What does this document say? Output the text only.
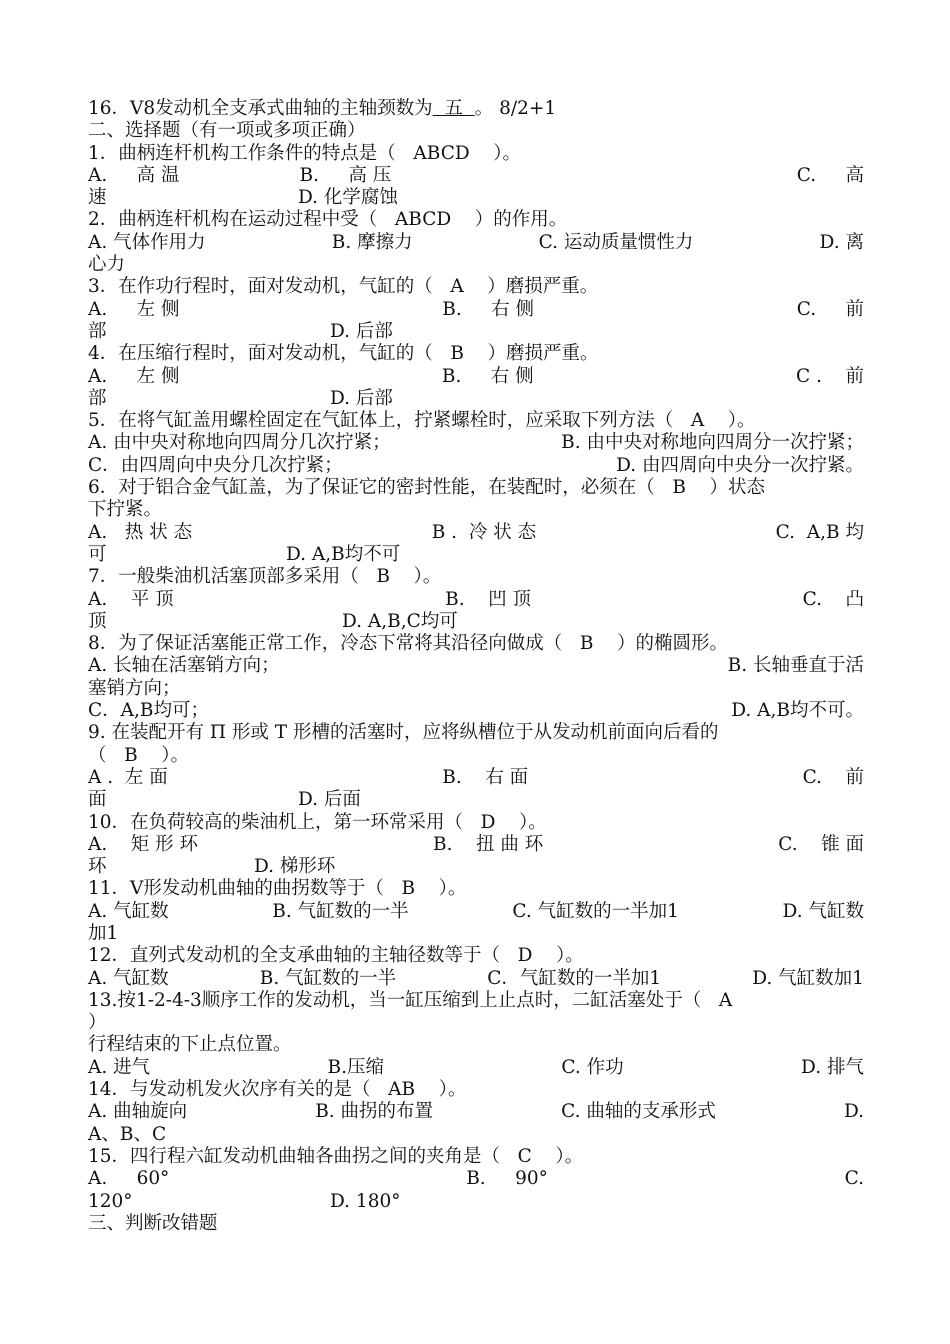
16．V8发动机全支承式曲轴的主轴颈数为  五  。 8/2+1
二、选择题（有一项或多项正确）
1．曲柄连杆机构工作条件的特点是（   ABCD    ）。
A.     高 温	B.     高 压	C.     高
速	D. 化学腐蚀
2．曲柄连杆机构在运动过程中受（   ABCD    ）的作用。
A. 气体作用力	B. 摩擦力	C. 运动质量惯性力	D. 离
心力
3．在作功行程时，面对发动机，气缸的（   A    ）磨损严重。
A.     左 侧	B.     右 侧	C.     前
部	D. 后部
4．在压缩行程时，面对发动机，气缸的（   B    ）磨损严重。
A.     左 侧	B.     右 侧	C .    前
部	D. 后部
5．在将气缸盖用螺栓固定在气缸体上，拧紧螺栓时，应采取下列方法（   A    ）。
A. 由中央对称地向四周分几次拧紧；	B. 由中央对称地向四周分一次拧紧；
C．由四周向中央分几次拧紧；	D. 由四周向中央分一次拧紧。
6．对于铝合金气缸盖，为了保证它的密封性能，在装配时，必须在（   B    ）状态
下拧紧。
A.   热 状 态	B .  冷 状 态	C.  A,B 均
可	D. A,B均不可
7．一般柴油机活塞顶部多采用（   B    ）。
A.    平 顶	B.    凹 顶	C.    凸
顶	D. A,B,C均可
8．为了保证活塞能正常工作，冷态下常将其沿径向做成（   B    ）的椭圆形。
A. 长轴在活塞销方向；	B. 长轴垂直于活
塞销方向；
C．A,B均可；	D. A,B均不可。
9. 在装配开有 Π 形或 T 形槽的活塞时，应将纵槽位于从发动机前面向后看的
（   B    ）。
A .  左 面	B.    右 面	C.    前
面	D. 后面
10．在负荷较高的柴油机上，第一环常采用（   D    ）。
A.    矩 形 环	B.    扭 曲 环	C.    锥 面
环	D. 梯形环
11．V形发动机曲轴的曲拐数等于（   B    ）。
A. 气缸数	B. 气缸数的一半	C. 气缸数的一半加1	D. 气缸数
加1
12．直列式发动机的全支承曲轴的主轴径数等于（   D    ）。
A. 气缸数	B. 气缸数的一半	C．气缸数的一半加1	D. 气缸数加1
13.按1-2-4-3顺序工作的发动机，当一缸压缩到上止点时，二缸活塞处于（   A
）
行程结束的下止点位置。
A. 进气	B.压缩	C. 作功	D. 排气
14．与发动机发火次序有关的是（   AB    ）。
A. 曲轴旋向	B. 曲拐的布置	C. 曲轴的支承形式	D.
A、B、C
15．四行程六缸发动机曲轴各曲拐之间的夹角是（   C    ）。
A.     60°	B.     90°	C.
120°	D. 180°
三、判断改错题
